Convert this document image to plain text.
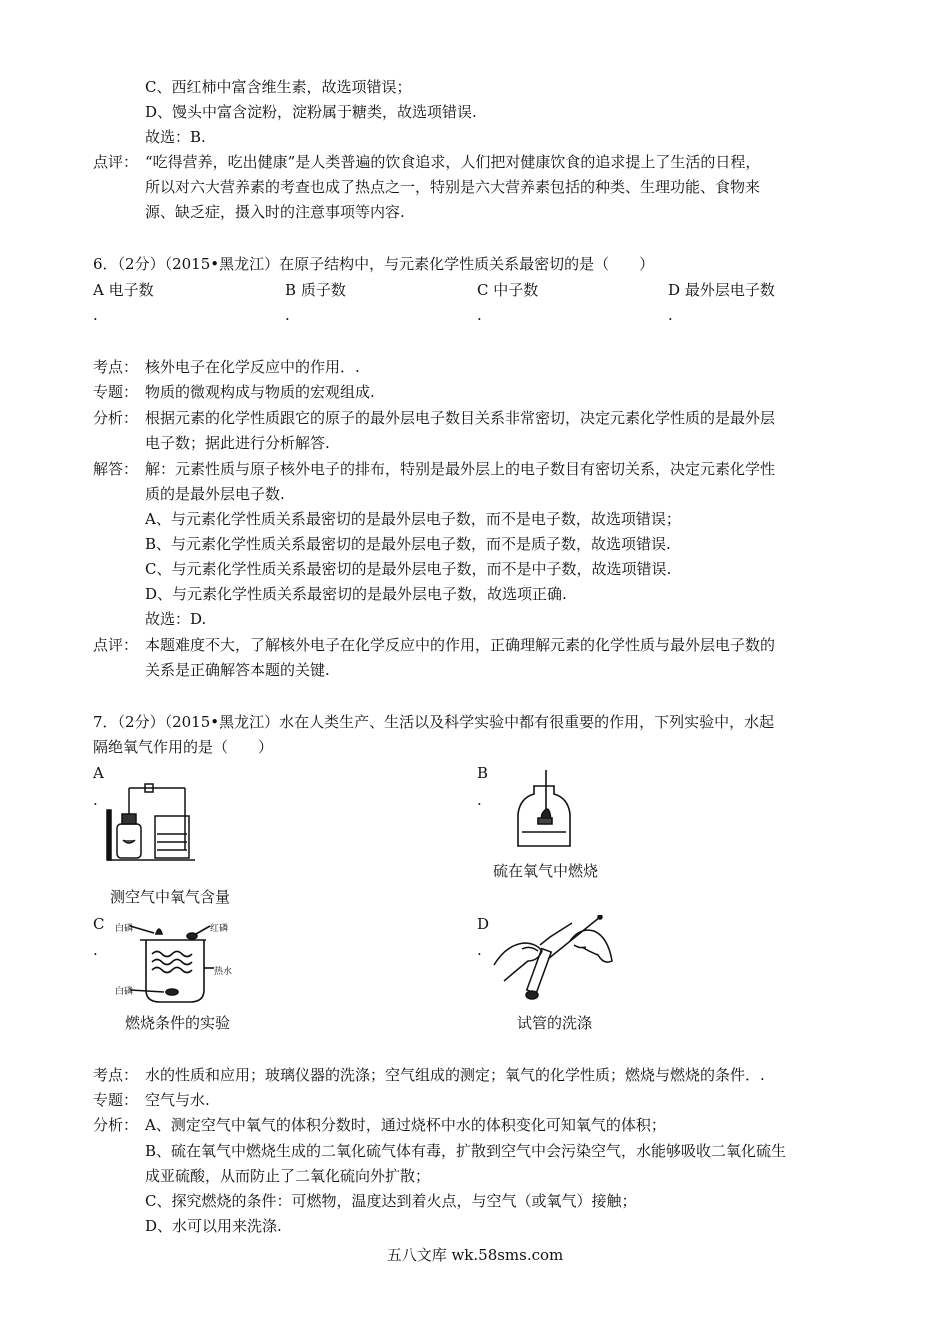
C、西红柿中富含维生素，故选项错误；
D、馒头中富含淀粉，淀粉属于糖类，故选项错误.
故选：B.
点评： “吃得营养，吃出健康”是人类普遍的饮食追求，人们把对健康饮食的追求提上了生活的日程，
所以对六大营养素的考查也成了热点之一，特别是六大营养素包括的种类、生理功能、食物来
源、缺乏症，摄入时的注意事项等内容.
6．（2分）（2015•黑龙江）在原子结构中，与元素化学性质关系最密切的是（　　）
A 电子数	B 质子数	C 中子数	D 最外层电子数
.	.	.	.
考点： 核外电子在化学反应中的作用．.
专题： 物质的微观构成与物质的宏观组成.
分析： 根据元素的化学性质跟它的原子的最外层电子数目关系非常密切，决定元素化学性质的是最外层
电子数；据此进行分析解答.
解答： 解：元素性质与原子核外电子的排布，特别是最外层上的电子数目有密切关系，决定元素化学性
质的是最外层电子数.
A、与元素化学性质关系最密切的是最外层电子数，而不是电子数，故选项错误；
B、与元素化学性质关系最密切的是最外层电子数，而不是质子数，故选项错误.
C、与元素化学性质关系最密切的是最外层电子数，而不是中子数，故选项错误.
D、与元素化学性质关系最密切的是最外层电子数，故选项正确.
故选：D.
点评： 本题难度不大，了解核外电子在化学反应中的作用，正确理解元素的化学性质与最外层电子数的
关系是正确解答本题的关键.
7．（2分）（2015•黑龙江）水在人类生产、生活以及科学实验中都有很重要的作用，下列实验中，水起
隔绝氧气作用的是（　　）
A
.
测空气中氧气含量
B
.
硫在氧气中燃烧
C
.
白磷	红磷
热水
白磷
燃烧条件的实验
D
.
试管的洗涤
考点： 水的性质和应用；玻璃仪器的洗涤；空气组成的测定；氧气的化学性质；燃烧与燃烧的条件．.
专题： 空气与水.
分析： A、测定空气中氧气的体积分数时，通过烧杯中水的体积变化可知氧气的体积；
B、硫在氧气中燃烧生成的二氧化硫气体有毒，扩散到空气中会污染空气，水能够吸收二氧化硫生
成亚硫酸，从而防止了二氧化硫向外扩散；
C、探究燃烧的条件：可燃物，温度达到着火点，与空气（或氧气）接触；
D、水可以用来洗涤.
五八文库 wk.58sms.com
